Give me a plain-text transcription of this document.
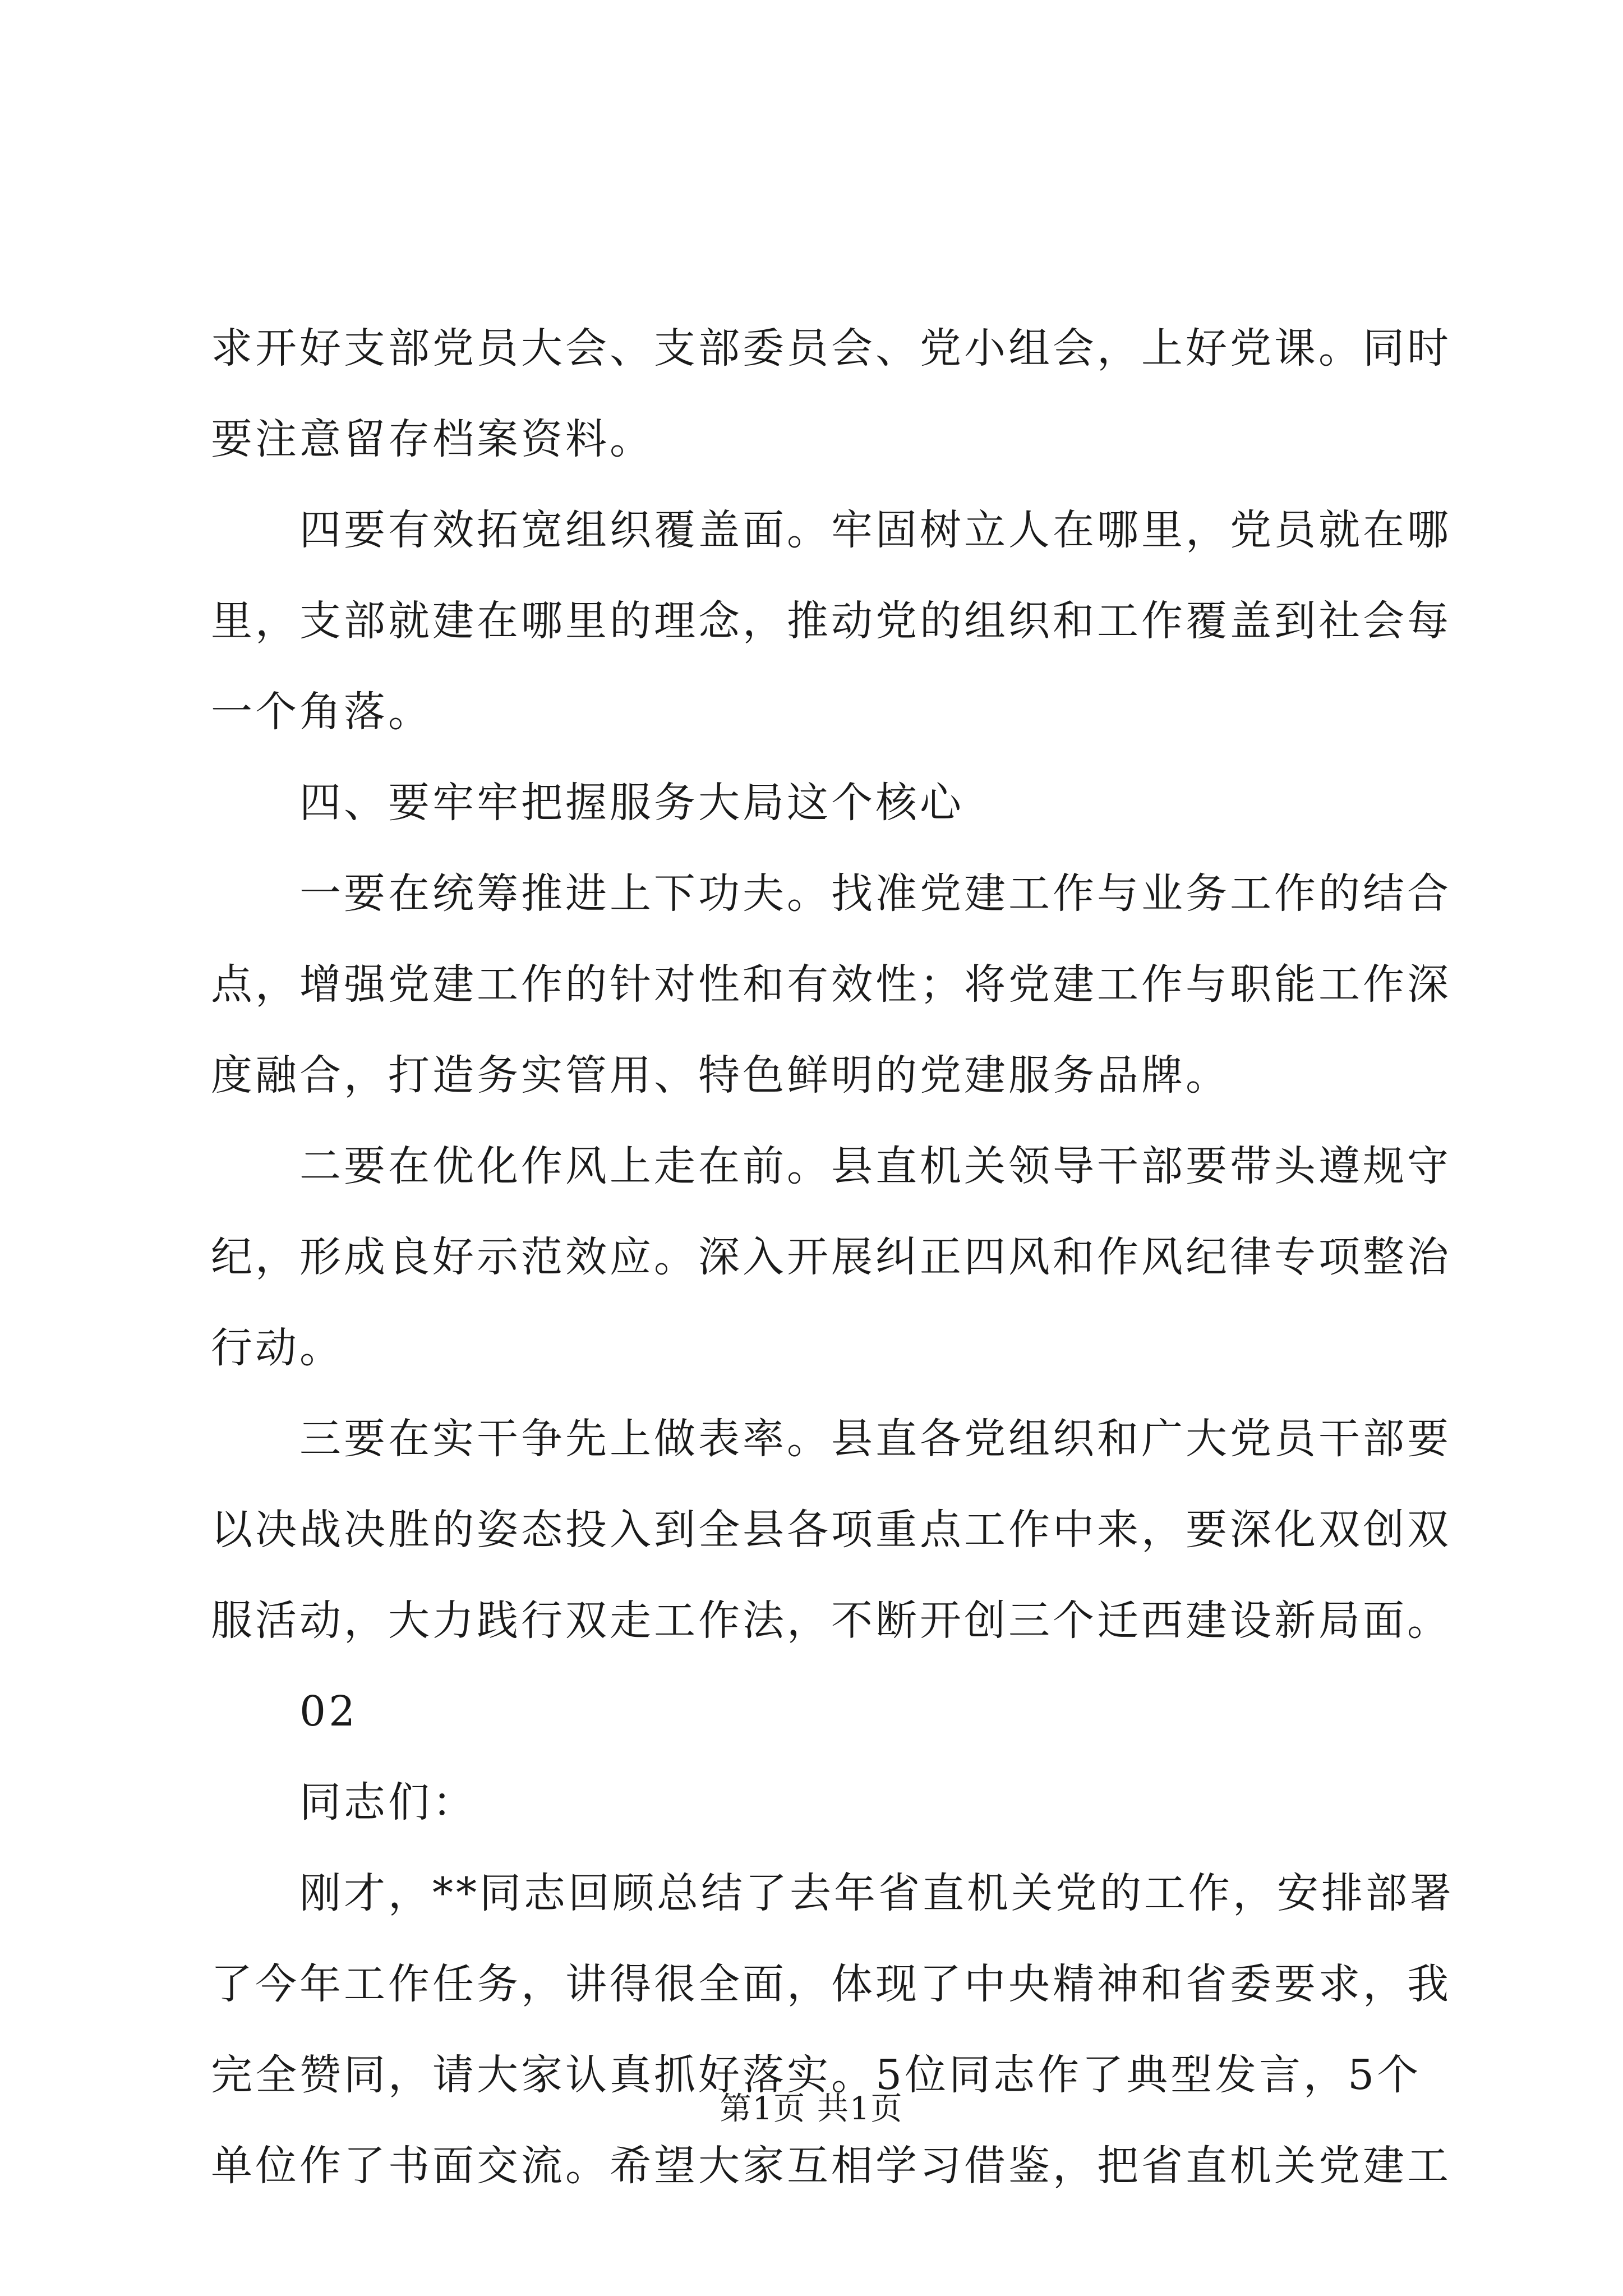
求开好支部党员大会、支部委员会、党小组会，上好党课。同时
要注意留存档案资料。
四要有效拓宽组织覆盖面。牢固树立人在哪里，党员就在哪
里，支部就建在哪里的理念，推动党的组织和工作覆盖到社会每
一个角落。
四、要牢牢把握服务大局这个核心
一要在统筹推进上下功夫。找准党建工作与业务工作的结合
点，增强党建工作的针对性和有效性；将党建工作与职能工作深
度融合，打造务实管用、特色鲜明的党建服务品牌。
二要在优化作风上走在前。县直机关领导干部要带头遵规守
纪，形成良好示范效应。深入开展纠正四风和作风纪律专项整治
行动。
三要在实干争先上做表率。县直各党组织和广大党员干部要
以决战决胜的姿态投入到全县各项重点工作中来，要深化双创双
服活动，大力践行双走工作法，不断开创三个迁西建设新局面。
02
同志们：
刚才，**同志回顾总结了去年省直机关党的工作，安排部署
了今年工作任务，讲得很全面，体现了中央精神和省委要求，我
完全赞同，请大家认真抓好落实。5位同志作了典型发言，5个
单位作了书面交流。希望大家互相学习借鉴，把省直机关党建工
第1页 共1页
